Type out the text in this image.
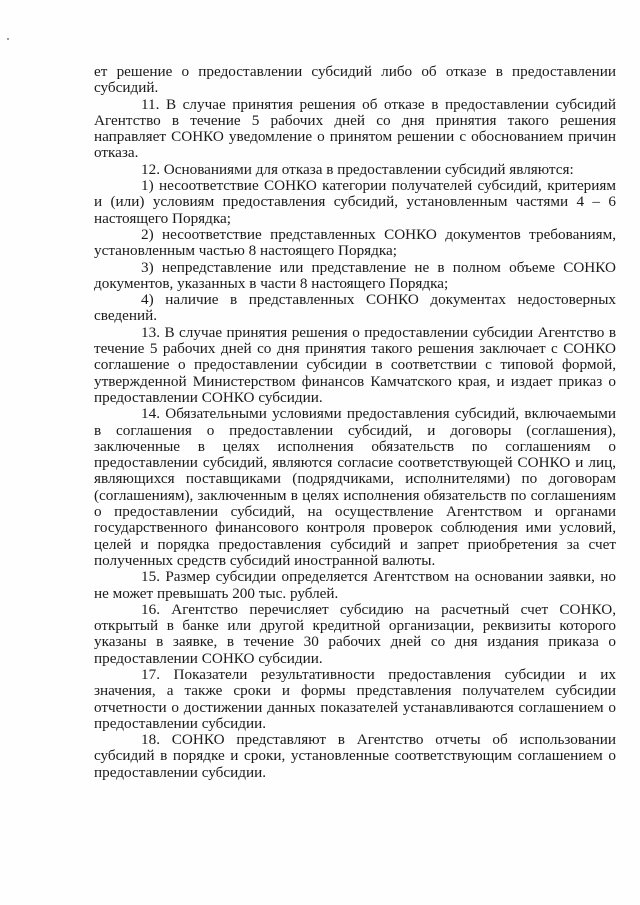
ет решение о предоставлении субсидий либо об отказе в предоставлении субсидий.

11. В случае принятия решения об отказе в предоставлении субсидий Агентство в течение 5 рабочих дней со дня принятия такого решения направляет СОНКО уведомление о принятом решении с обоснованием причин отказа.

12. Основаниями для отказа в предоставлении субсидий являются:

1) несоответствие СОНКО категории получателей субсидий, критериям и (или) условиям предоставления субсидий, установленным частями 4 – 6 настоящего Порядка;

2) несоответствие представленных СОНКО документов требованиям, установленным частью 8 настоящего Порядка;

3) непредставление или представление не в полном объеме СОНКО документов, указанных в части 8 настоящего Порядка;

4) наличие в представленных СОНКО документах недостоверных сведений.

13. В случае принятия решения о предоставлении субсидии Агентство в течение 5 рабочих дней со дня принятия такого решения заключает с СОНКО соглашение о предоставлении субсидии в соответствии с типовой формой, утвержденной Министерством финансов Камчатского края, и издает приказ о предоставлении СОНКО субсидии.

14. Обязательными условиями предоставления субсидий, включаемыми в соглашения о предоставлении субсидий, и договоры (соглашения), заключенные в целях исполнения обязательств по соглашениям о предоставлении субсидий, являются согласие соответствующей СОНКО и лиц, являющихся поставщиками (подрядчиками, исполнителями) по договорам (соглашениям), заключенным в целях исполнения обязательств по соглашениям о предоставлении субсидий, на осуществление Агентством и органами государственного финансового контроля проверок соблюдения ими условий, целей и порядка предоставления субсидий и запрет приобретения за счет полученных средств субсидий иностранной валюты.

15. Размер субсидии определяется Агентством на основании заявки, но не может превышать 200 тыс. рублей.

16. Агентство перечисляет субсидию на расчетный счет СОНКО, открытый в банке или другой кредитной организации, реквизиты которого указаны в заявке, в течение 30 рабочих дней со дня издания приказа о предоставлении СОНКО субсидии.

17. Показатели результативности предоставления субсидии и их значения, а также сроки и формы представления получателем субсидии отчетности о достижении данных показателей устанавливаются соглашением о предоставлении субсидии.

18. СОНКО представляют в Агентство отчеты об использовании субсидий в порядке и сроки, установленные соответствующим соглашением о предоставлении субсидии.
